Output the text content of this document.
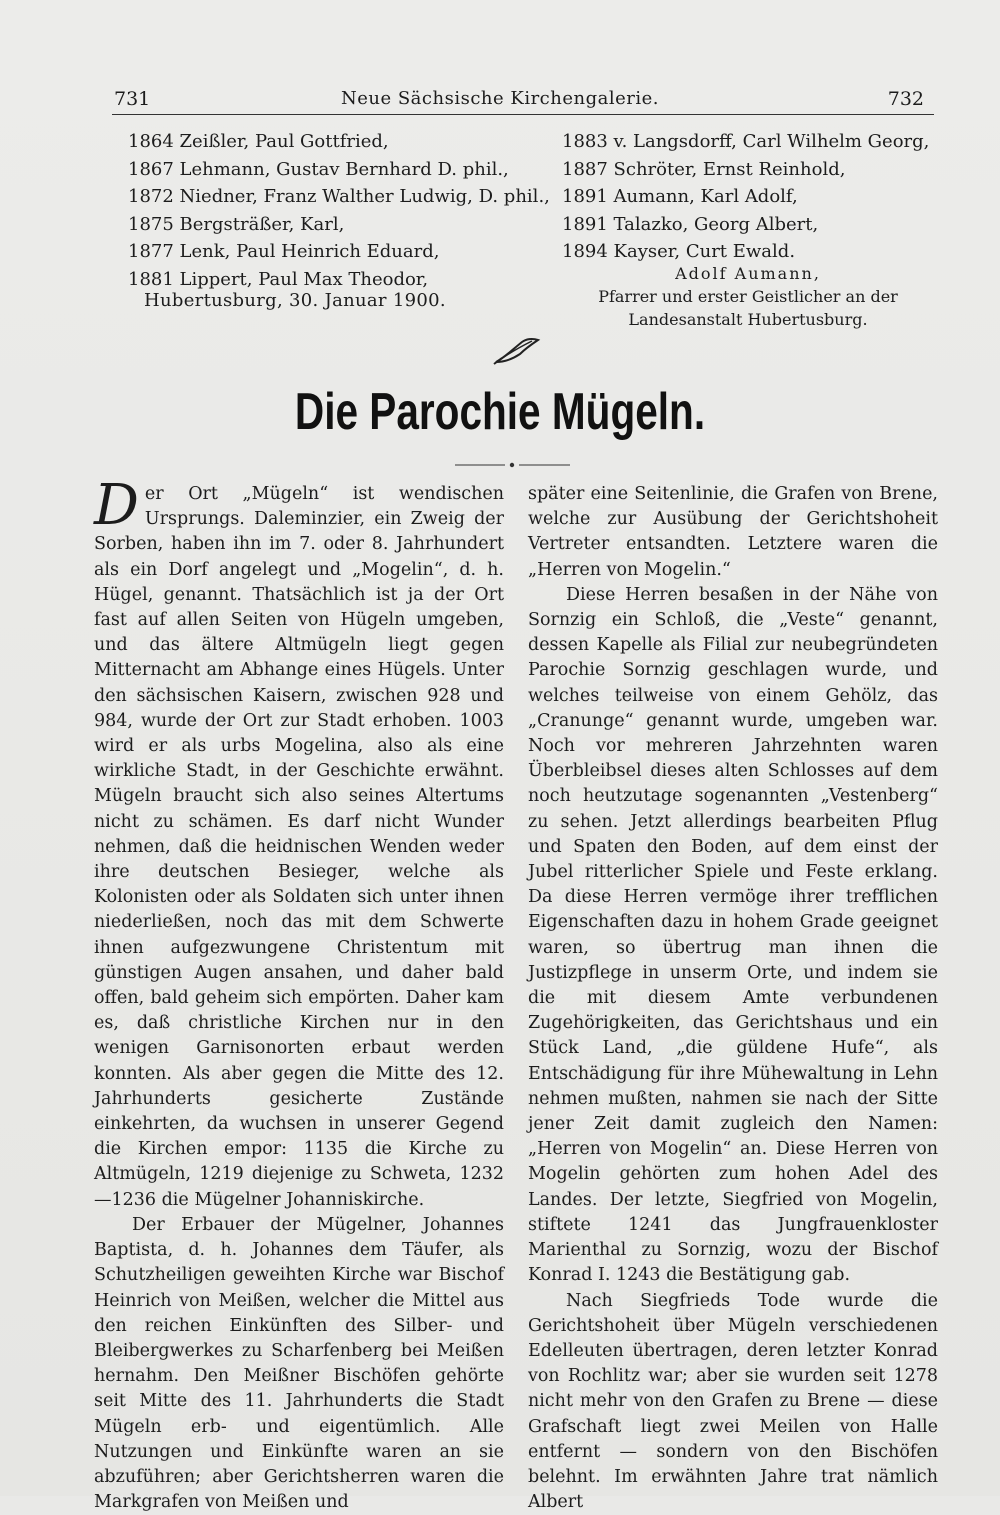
731	Neue Sächsische Kirchengalerie.	732
1864 Zeißler, Paul Gottfried,
1867 Lehmann, Gustav Bernhard D. phil.,
1872 Niedner, Franz Walther Ludwig, D. phil.,
1875 Bergsträßer, Karl,
1877 Lenk, Paul Heinrich Eduard,
1881 Lippert, Paul Max Theodor,
1883 v. Langsdorff, Carl Wilhelm Georg,
1887 Schröter, Ernst Reinhold,
1891 Aumann, Karl Adolf,
1891 Talazko, Georg Albert,
1894 Kayser, Curt Ewald.
Hubertusburg, 30. Januar 1900.
Adolf Aumann,
Pfarrer und erster Geistlicher an der
Landesanstalt Hubertusburg.
Die Parochie Mügeln.

Der Ort „Mügeln“ ist wendischen Ursprungs. Daleminzier, ein Zweig der Sorben, haben ihn im 7. oder 8. Jahrhundert als ein Dorf angelegt und „Mogelin“, d. h. Hügel, genannt. Thatsächlich ist ja der Ort fast auf allen Seiten von Hügeln umgeben, und das ältere Altmügeln liegt gegen Mitternacht am Abhange eines Hügels. Unter den sächsischen Kaisern, zwischen 928 und 984, wurde der Ort zur Stadt erhoben. 1003 wird er als urbs Mogelina, also als eine wirkliche Stadt, in der Geschichte erwähnt. Mügeln braucht sich also seines Altertums nicht zu schämen. Es darf nicht Wunder nehmen, daß die heidnischen Wenden weder ihre deutschen Besieger, welche als Kolonisten oder als Soldaten sich unter ihnen niederließen, noch das mit dem Schwerte ihnen aufgezwungene Christentum mit günstigen Augen ansahen, und daher bald offen, bald geheim sich empörten. Daher kam es, daß christliche Kirchen nur in den wenigen Garnisonorten erbaut werden konnten. Als aber gegen die Mitte des 12. Jahrhunderts gesicherte Zustände einkehrten, da wuchsen in unserer Gegend die Kirchen empor: 1135 die Kirche zu Altmügeln, 1219 diejenige zu Schweta, 1232—1236 die Mügelner Johanniskirche.

Der Erbauer der Mügelner, Johannes Baptista, d. h. Johannes dem Täufer, als Schutzheiligen geweihten Kirche war Bischof Heinrich von Meißen, welcher die Mittel aus den reichen Einkünften des Silber- und Bleibergwerkes zu Scharfenberg bei Meißen hernahm. Den Meißner Bischöfen gehörte seit Mitte des 11. Jahrhunderts die Stadt Mügeln erb- und eigentümlich. Alle Nutzungen und Einkünfte waren an sie abzuführen; aber Gerichtsherren waren die Markgrafen von Meißen und

später eine Seitenlinie, die Grafen von Brene, welche zur Ausübung der Gerichtshoheit Vertreter entsandten. Letztere waren die „Herren von Mogelin.“

Diese Herren besaßen in der Nähe von Sornzig ein Schloß, die „Veste“ genannt, dessen Kapelle als Filial zur neubegründeten Parochie Sornzig geschlagen wurde, und welches teilweise von einem Gehölz, das „Cranunge“ genannt wurde, umgeben war. Noch vor mehreren Jahrzehnten waren Überbleibsel dieses alten Schlosses auf dem noch heutzutage sogenannten „Vestenberg“ zu sehen. Jetzt allerdings bearbeiten Pflug und Spaten den Boden, auf dem einst der Jubel ritterlicher Spiele und Feste erklang. Da diese Herren vermöge ihrer trefflichen Eigenschaften dazu in hohem Grade geeignet waren, so übertrug man ihnen die Justizpflege in unserm Orte, und indem sie die mit diesem Amte verbundenen Zugehörigkeiten, das Gerichtshaus und ein Stück Land, „die güldene Hufe“, als Entschädigung für ihre Mühewaltung in Lehn nehmen mußten, nahmen sie nach der Sitte jener Zeit damit zugleich den Namen: „Herren von Mogelin“ an. Diese Herren von Mogelin gehörten zum hohen Adel des Landes. Der letzte, Siegfried von Mogelin, stiftete 1241 das Jungfrauenkloster Marienthal zu Sornzig, wozu der Bischof Konrad I. 1243 die Bestätigung gab.

Nach Siegfrieds Tode wurde die Gerichtshoheit über Mügeln verschiedenen Edelleuten übertragen, deren letzter Konrad von Rochlitz war; aber sie wurden seit 1278 nicht mehr von den Grafen zu Brene — diese Grafschaft liegt zwei Meilen von Halle entfernt — sondern von den Bischöfen belehnt. Im erwähnten Jahre trat nämlich Albert
